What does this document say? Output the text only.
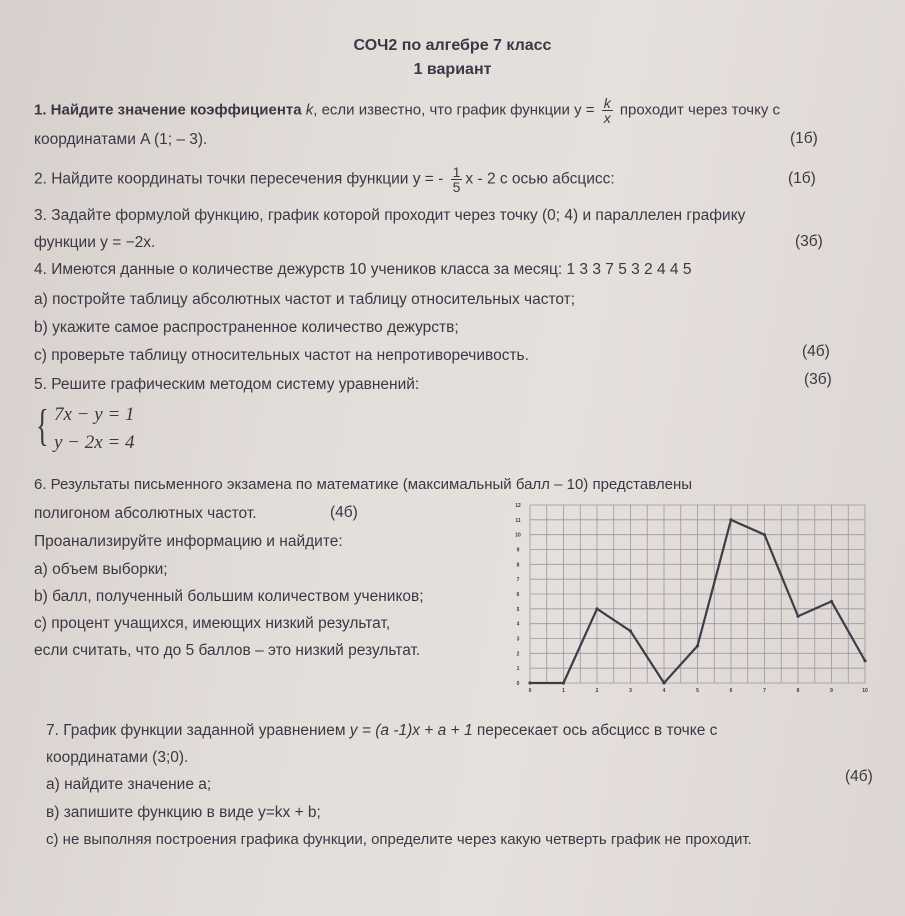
СОЧ2 по алгебре 7 класс
1 вариант
1. Найдите значение коэффициента k, если известно, что график функции $y = \frac{k}{x}$ проходит через точку с
координатами A (1; – 3).	(1б)
2. Найдите координаты точки пересечения функции y = - $\frac{1}{5}$ x - 2 с осью абсцисс:	(1б)
3. Задайте формулой функцию, график которой проходит через точку (0; 4) и параллелен графику
функции y = −2x.	(3б)
4. Имеются данные о количестве дежурств 10 учеников класса за месяц: 1 3 3 7 5 3 2 4 4 5
а) постройте таблицу абсолютных частот и таблицу относительных частот;
b) укажите самое распространенное количество дежурств;
с) проверьте таблицу относительных частот на непротиворечивость.	(4б)
5. Решите графическим методом систему уравнений:	(3б)
{ 7x − y = 1
y − 2x = 4
6. Результаты письменного экзамена по математике (максимальный балл – 10) представлены
полигоном абсолютных частот.	(4б)
Проанализируйте информацию и найдите:
а) объем выборки;
b) балл, полученный большим количеством учеников;
с) процент учащихся, имеющих низкий результат,
если считать, что до 5 баллов – это низкий результат.
0
1
2
3
4
5
6
7
8
9
10
11
12
0	1	2	3	4	5	6	7	8	9	10
7. График функции заданной уравнением y = (a -1)x + a + 1 пересекает ось абсцисс в точке с
координатами (3;0).
а) найдите значение a;	(4б)
в) запишите функцию в виде y=kx + b;
с) не выполняя построения графика функции, определите через какую четверть график не проходит.
